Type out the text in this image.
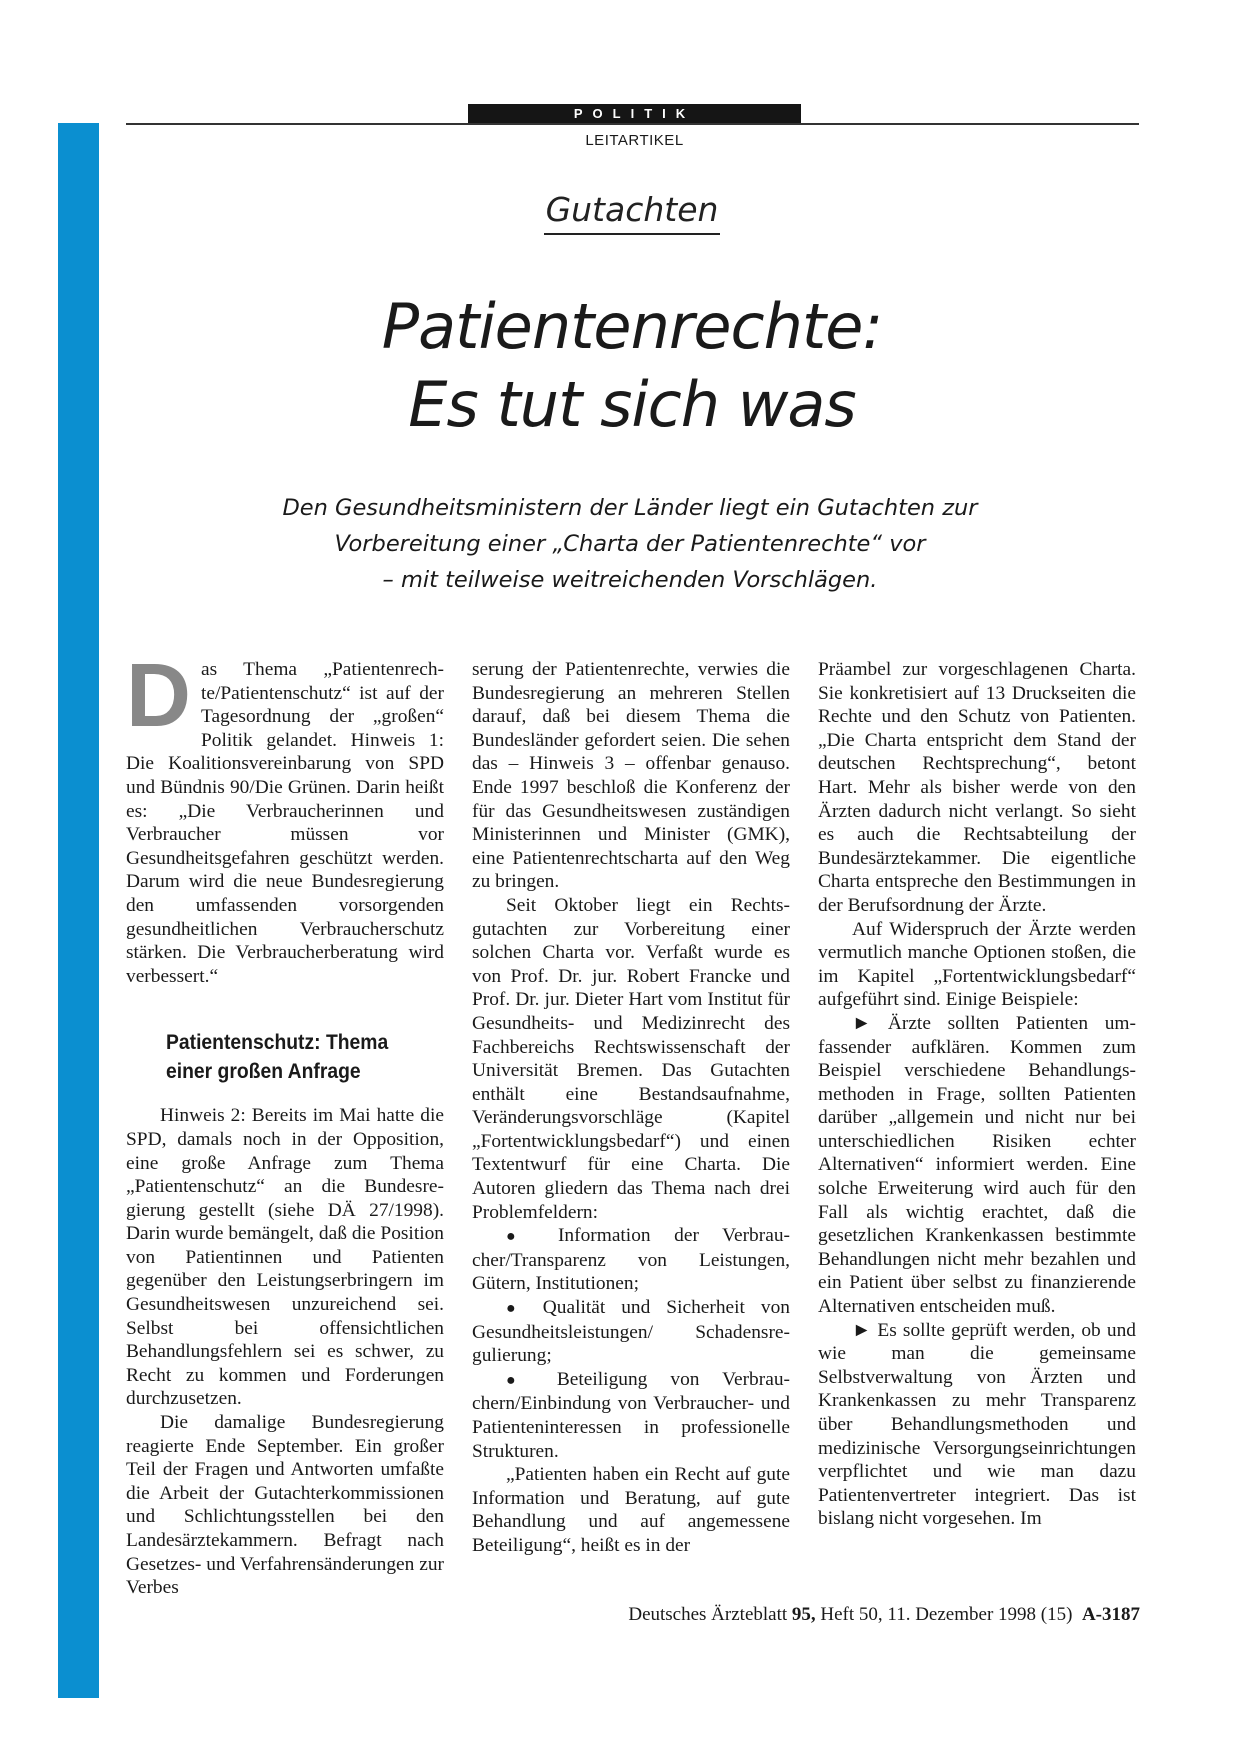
POLITIK
LEITARTIKEL
Gutachten
Patientenrechte:
Es tut sich was
Den Gesundheitsministern der Länder liegt ein Gutachten zur
Vorbereitung einer „Charta der Patientenrechte“ vor
– mit teilweise weitreichenden Vorschlägen.

Das Thema „Patientenrechte/Patientenschutz“ ist auf der Tagesordnung der „großen“ Politik gelandet. Hinweis 1: Die Koalitionsvereinbarung von SPD und Bündnis 90/Die Grünen. Darin heißt es: „Die Verbraucherinnen und Verbraucher müssen vor Gesundheitsgefahren geschützt werden. Darum wird die neue Bundesregierung den umfassenden vorsorgenden gesundheitlichen Verbraucherschutz stärken. Die Verbraucherberatung wird verbessert.“

Patientenschutz: Thema einer großen Anfrage

Hinweis 2: Bereits im Mai hatte die SPD, damals noch in der Opposition, eine große Anfrage zum Thema „Patientenschutz“ an die Bundesregierung gestellt (siehe DÄ 27/1998). Darin wurde bemängelt, daß die Position von Patientinnen und Patienten gegenüber den Leistungserbringern im Gesundheitswesen unzureichend sei. Selbst bei offensichtlichen Behandlungsfehlern sei es schwer, zu Recht zu kommen und Forderungen durchzusetzen.

Die damalige Bundesregierung reagierte Ende September. Ein großer Teil der Fragen und Antworten umfaßte die Arbeit der Gutachterkommissionen und Schlichtungsstellen bei den Landesärztekammern. Befragt nach Gesetzes- und Verfahrensänderungen zur Verbes

serung der Patientenrechte, verwies die Bundesregierung an mehreren Stellen darauf, daß bei diesem Thema die Bundesländer gefordert seien. Die sehen das – Hinweis 3 – offenbar genauso. Ende 1997 beschloß die Konferenz der für das Gesundheitswesen zuständigen Ministerinnen und Minister (GMK), eine Patientenrechtscharta auf den Weg zu bringen.

Seit Oktober liegt ein Rechtsgutachten zur Vorbereitung einer solchen Charta vor. Verfaßt wurde es von Prof. Dr. jur. Robert Francke und Prof. Dr. jur. Dieter Hart vom Institut für Gesundheits- und Medizinrecht des Fachbereichs Rechtswissenschaft der Universität Bremen. Das Gutachten enthält eine Bestandsaufnahme, Veränderungsvorschläge (Kapitel „Fortentwicklungsbedarf“) und einen Textentwurf für eine Charta. Die Autoren gliedern das Thema nach drei Problemfeldern:

● Information der Verbraucher/Transparenz von Leistungen, Gütern, Institutionen;

● Qualität und Sicherheit von Gesundheitsleistungen/ Schadensregulierung;

● Beteiligung von Verbrauchern/Einbindung von Verbraucher- und Patienteninteressen in professionelle Strukturen.

„Patienten haben ein Recht auf gute Information und Beratung, auf gute Behandlung und auf angemessene Beteiligung“, heißt es in der

Präambel zur vorgeschlagenen Charta. Sie konkretisiert auf 13 Druckseiten die Rechte und den Schutz von Patienten. „Die Charta entspricht dem Stand der deutschen Rechtsprechung“, betont Hart. Mehr als bisher werde von den Ärzten dadurch nicht verlangt. So sieht es auch die Rechtsabteilung der Bundesärztekammer. Die eigentliche Charta entspreche den Bestimmungen in der Berufsordnung der Ärzte.

Auf Widerspruch der Ärzte werden vermutlich manche Optionen stoßen, die im Kapitel „Fortentwicklungsbedarf“ aufgeführt sind. Einige Beispiele:

► Ärzte sollten Patienten umfassender aufklären. Kommen zum Beispiel verschiedene Behandlungsmethoden in Frage, sollten Patienten darüber „allgemein und nicht nur bei unterschiedlichen Risiken echter Alternativen“ informiert werden. Eine solche Erweiterung wird auch für den Fall als wichtig erachtet, daß die gesetzlichen Krankenkassen bestimmte Behandlungen nicht mehr bezahlen und ein Patient über selbst zu finanzierende Alternativen entscheiden muß.

► Es sollte geprüft werden, ob und wie man die gemeinsame Selbstverwaltung von Ärzten und Krankenkassen zu mehr Transparenz über Behandlungsmethoden und medizinische Versorgungseinrichtungen verpflichtet und wie man dazu Patientenvertreter integriert. Das ist bislang nicht vorgesehen. Im

Deutsches Ärzteblatt 95, Heft 50, 11. Dezember 1998 (15) A-3187
